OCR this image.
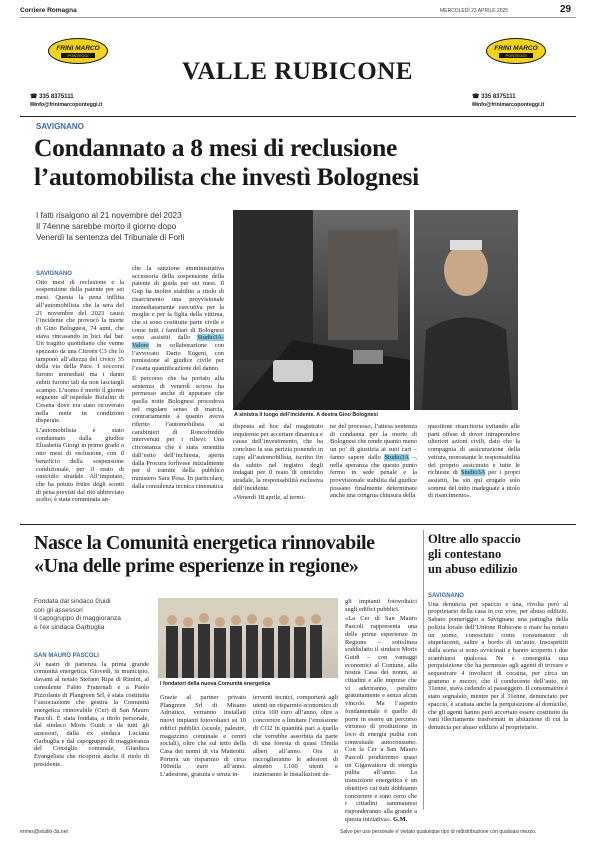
Corriere Romagna	MERCOLEDÌ 23 APRILE 2025	29
FRINI MARCO
PONTEGGI
☎ 335 8375111
✉info@frinimarcoponteggi.it
VALLE RUBICONE
FRINI MARCO
PONTEGGI
☎ 335 8375111
✉info@frinimarcoponteggi.it
SAVIGNANO
Condannato a 8 mesi di reclusione
l’automobilista che investì Bolognesi
I fatti risalgono al 21 novembre del 2023
Il 74enne sarebbe morto il giorno dopo
Venerdì la sentenza del Tribunale di Forlì
A sinistra il luogo dell’incidente. A destra Gino Bolognesi

SAVIGNANO
Otto mesi di reclusione e la sospensione della patente per sei mesi. Questa la pena inflitta all’automobilista che la sera del 21 novembre del 2023 causò l’incidente che provocò la morte di Gino Bolognesi, 74 anni, che stava rincasando in bici dal bar. Un tragitto quotidiano che venne spezzato da una Citroën C3 che lo tamponò all’altezza del civico 35 della via della Pace. I soccorsi furono immediati ma i danni subiti furono tali da non lasciargli scampo. L’uomo è morto il giorno seguente all’ospedale Bufalini di Cesena dove era stato ricoverato nella notte in condizioni disperate.

L’automobilista è stato condannato dalla giudice Elisabetta Giorgi in primo grado a otto mesi di reclusione, con il beneficio della sospensione condizionale, per il reato di omicidio stradale. All’imputato, che ha potuto fruire degli sconti di pena previsti dal rito abbreviato scelto, è stata comminata an-

che la sanzione amministrativa accessoria della sospensione della patente di guida per sei mesi. Il Gup ha inoltre stabilito a titolo di risarcimento una provvisionale immediatamente esecutiva per la moglie e per la figlia della vittima, che si sono costituite parte civile e come tutti i familiari di Bolognesi sono assistiti dallo Studio3A-Valore in collaborazione con l’avvocato Dario Eugeni, con remissione al giudice civile per l’esatta quantificazione del danno.

Il percorso che ha portato alla sentenza di venerdì scorso ha permesso anche di appurare che quella notte Bolognesi procedeva nel regolare senso di marcia, contrariamente a quanto aveva riferito l’automobilista ai carabinieri di Roncofreddo intervenuti per i rilievi. Una circostanza che è stata smentita dall’esito dell’inchiesta, aperta dalla Procura forlivese inizialmente per il tramite della pubblico ministero Sara Posa. In particolare, dalla consulenza tecnica cinematica

disposta ad hoc dal magistrato inquirente per accertare dinamica e cause dell’investimento, che ha concluso la sua perizia ponendo in capo all’automobilista, iscritto fin da subito nel registro degli indagati per il reato di omicidio stradale, la responsabilità esclusiva dell’incidente.

«Venerdì 18 aprile, al termi-

ne del processo, l’attesa sentenza di condanna per la morte di Bolognesi che rende quanto meno un po’ di giustizia ai suoi cari – fanno sapere dallo Studio3A –, nella speranza che questo punto fermo in sede penale e la provvisionale stabilita dal giudice possano finalmente determinare anche una congrua chiusura della

questione risarcitoria evitando alle parti offese di dover intraprendere ulteriori azioni civili, dato che la compagnia di assicurazione della vettura, nonostante le responsabilità del proprio assicurato e tutte le richieste di Studio3A per i propri assistiti, ha sin qui erogato solo somme del tutto inadeguate a titolo di risarcimento».

Nasce la Comunità energetica rinnovabile
«Una delle prime esperienze in regione»
Fondata dal sindaco Guidi
con gli assessori
Il capogruppo di maggioranza
e l’ex sindaca Garbuglia
I fondatori della nuova Comunità energetica

SAN MAURO PASCOLI
Ai nastri di partenza la prima grande comunità energetica. Giovedì, in municipio, davanti al notaio Stefano Ripa di Rimini, al consulente Fabio Fraternali e a Paolo Pizzolante di Plangreen Srl, è stata costituita l’associazione che gestirà la Comunità energetica rinnovabile (Cer) di San Mauro Pascoli. È stata fondata, a titolo personale, dal sindaco Moris Guidi e da tutti gli assessori, dalla ex sindaca Luciana Garbuglia e dal capogruppo di maggioranza del Consiglio comunale, Gianluca Evangelista che ricoprirà anche il ruolo di presidente.

Grazie al partner privato Plangreen Srl di Misano Adriatico, verranno installati nuovi impianti fotovoltaici su 10 edifici pubblici (scuole, palestre, magazzino comunale e centri sociali), oltre che sul tetto della Casa dei nonni di via Matteotti. Porterà un risparmio di circa 100mila euro all’anno. L’adesione, gratuita e senza in-

terventi tecnici, comporterà agli utenti un risparmio economico di circa 100 euro all’anno, oltre a concorrere a limitare l’emissione di CO2 in quantità pari a quella che verrebbe assorbita da parte di una foresta di quasi 15mila alberi all’anno. Ora si raccoglieranno le adesioni di almeno 1.100 utenti e inizieranno le installazioni de-

gli impianti fotovoltaici sugli edifici pubblici.

«La Cer di San Mauro Pascoli rappresenta una delle prime esperienze in Regione – sottolinea soddisfatto il sindaco Moris Guidi – con vantaggi economici al Comune, alla nostra Casa dei nonni, ai cittadini e alle imprese che vi aderiranno, peraltro gratuitamente e senza alcun vincolo. Ma l’aspetto fondamentale è quello di porre in essere un percorso virtuoso di produzione in loco di energia pulita con contestuale autoconsumo. Con la Cer a San Mauro Pascoli produrremo quasi un Gigawattora di energia pulita all’anno. La transizione energetica è un obiettivo cui tutti dobbiamo concorrere e sono certo che i cittadini sammauresi risponderanno alla grande a questa iniziativa». G.M.

Oltre allo spaccio
gli contestano
un abuso edilizio

SAVIGNANO
Una denuncia per spaccio e una, rivolta però al proprietario della casa in cui vive, per abuso edilizio. Sabato pomeriggio a Savignano una pattuglia della polizia locale dell’Unione Rubicone e mare ha notato un uomo, conosciuto come consumatore di stupefacenti, salire a bordo di un’auto. Insospettiti dalla scena si sono avvicinati e hanno scoperto i due scambiarsi qualcosa. Ne è conseguita una perquisizione che ha permesso agli agenti di trovare e sequestrare 4 involucri di cocaina, per circa un grammo e mezzo, che il conducente dell’auto, un 31enne, stava cedendo al passeggero. Il consumatore è stato segnalato, mentre per il 31enne, denunciato per spaccio, è scattata anche la perquisizione al domicilio, che gli agenti hanno però accertato essere costituito da vani illecitamente trasformati in abitazione di cui la denuncia per abuso edilizio al proprietario.

ermes@studio-3a.net	Salvo per uso personale e' vietato qualunque tipo di redistribuzione con qualsiasi mezzo.
